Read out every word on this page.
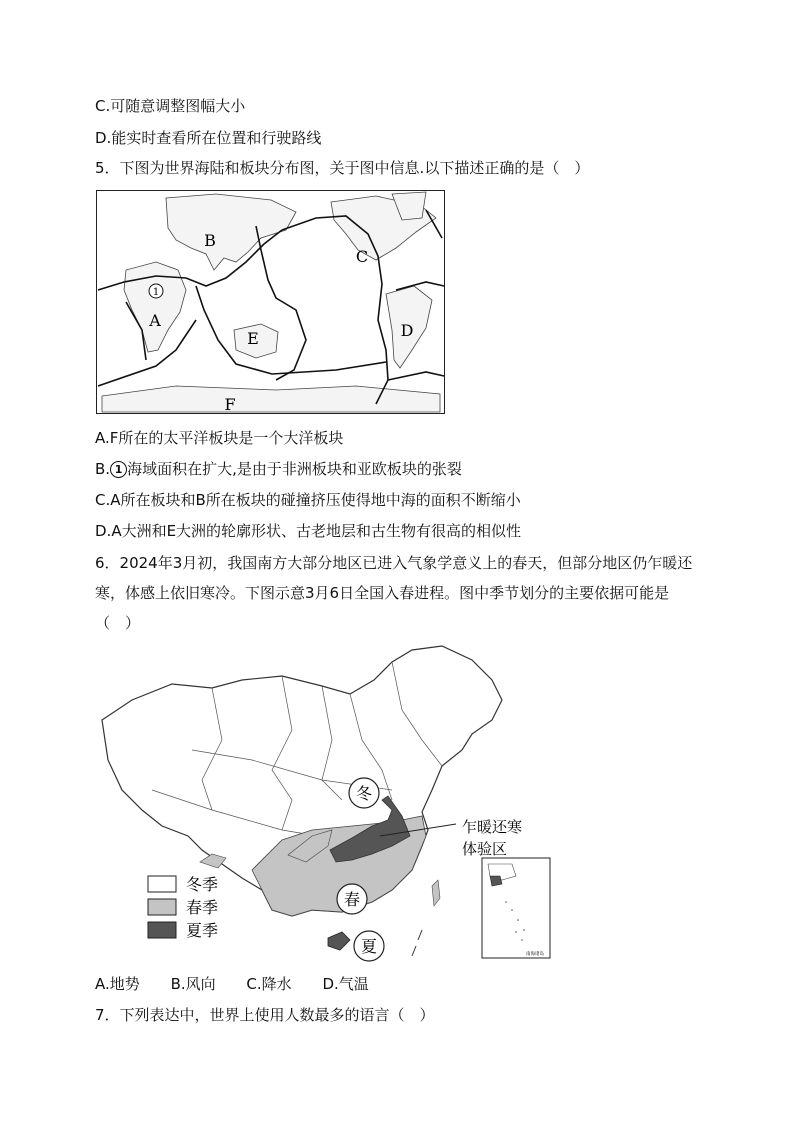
C.可随意调整图幅大小
D.能实时查看所在位置和行驶路线
5．下图为世界海陆和板块分布图，关于图中信息.以下描述正确的是（　）
B
C
A
D
E
F
1
A.F所在的太平洋板块是一个大洋板块
B. 1 海域面积在扩大,是由于非洲板块和亚欧板块的张裂
C.A所在板块和B所在板块的碰撞挤压使得地中海的面积不断缩小
D.A大洲和E大洲的轮廓形状、古老地层和古生物有很高的相似性
6．2024年3月初，我国南方大部分地区已进入气象学意义上的春天，但部分地区仍乍暖还寒，体感上依旧寒冷。下图示意3月6日全国入春进程。图中季节划分的主要依据可能是（　）
冬
春
夏
乍暖还寒
体验区
南海诸岛
冬季
春季
夏季
A.地势 B.风向 C.降水 D.气温
7．下列表达中，世界上使用人数最多的语言（　）
